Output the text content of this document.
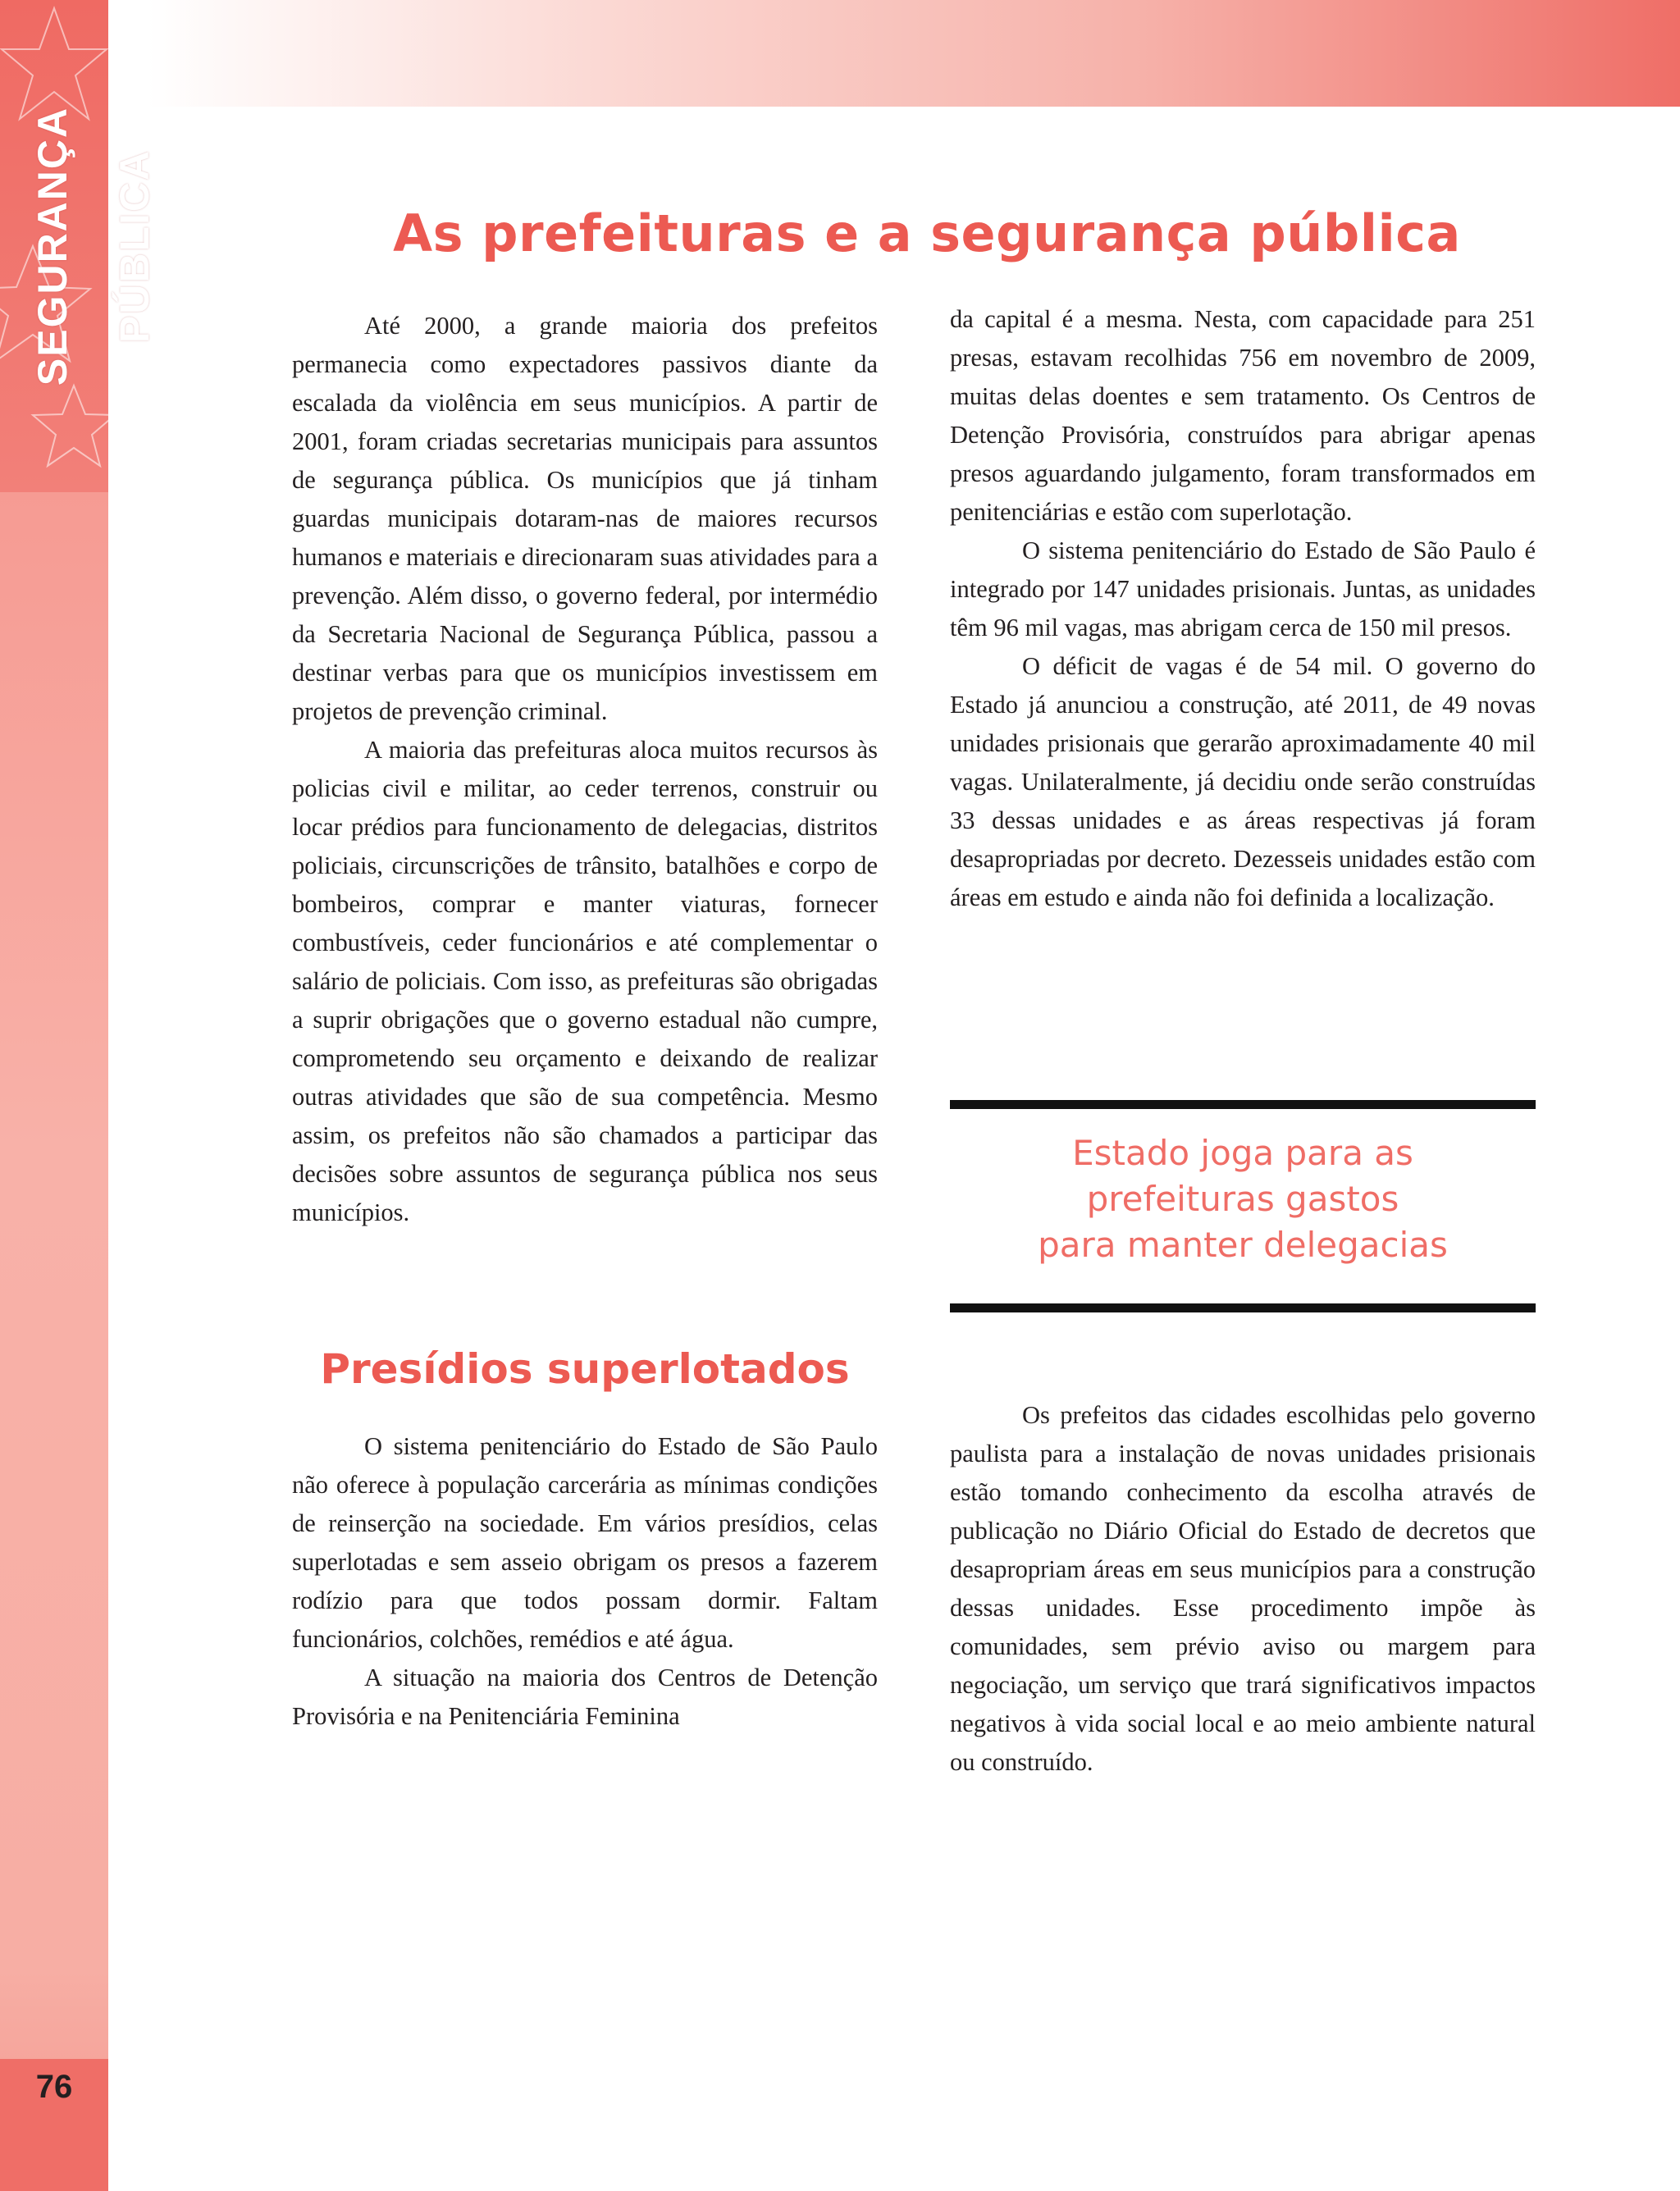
SEGURANÇA PÚBLICA
76
As prefeituras e a segurança pública

Até 2000, a grande maioria dos prefeitos permanecia como expectadores passivos diante da escalada da violência em seus municípios. A partir de 2001, foram criadas secretarias municipais para assuntos de segurança pública. Os municípios que já tinham guardas municipais dotaram-nas de maiores recursos humanos e materiais e direcionaram suas atividades para a prevenção. Além disso, o governo federal, por intermédio da Secretaria Nacional de Segurança Pública, passou a destinar verbas para que os municípios investissem em projetos de prevenção criminal.

A maioria das prefeituras aloca muitos recursos às policias civil e militar, ao ceder terrenos, construir ou locar prédios para funcionamento de delegacias, distritos policiais, circunscrições de trânsito, batalhões e corpo de bombeiros, comprar e manter viaturas, fornecer combustíveis, ceder funcionários e até complementar o salário de policiais. Com isso, as prefeituras são obrigadas a suprir obrigações que o governo estadual não cumpre, comprometendo seu orçamento e deixando de realizar outras atividades que são de sua competência. Mesmo assim, os prefeitos não são chamados a participar das decisões sobre assuntos de segurança pública nos seus municípios.

Presídios superlotados

O sistema penitenciário do Estado de São Paulo não oferece à população carcerária as mínimas condições de reinserção na sociedade. Em vários presídios, celas superlotadas e sem asseio obrigam os presos a fazerem rodízio para que todos possam dormir. Faltam funcionários, colchões, remédios e até água.

A situação na maioria dos Centros de Detenção Provisória e na Penitenciária Feminina

da capital é a mesma. Nesta, com capacidade para 251 presas, estavam recolhidas 756 em novembro de 2009, muitas delas doentes e sem tratamento. Os Centros de Detenção Provisória, construídos para abrigar apenas presos aguardando julgamento, foram transformados em penitenciárias e estão com superlotação.

O sistema penitenciário do Estado de São Paulo é integrado por 147 unidades prisionais. Juntas, as unidades têm 96 mil vagas, mas abrigam cerca de 150 mil presos.

O déficit de vagas é de 54 mil. O governo do Estado já anunciou a construção, até 2011, de 49 novas unidades prisionais que gerarão aproximadamente 40 mil vagas. Unilateralmente, já decidiu onde serão construídas 33 dessas unidades e as áreas respectivas já foram desapropriadas por decreto. Dezesseis unidades estão com áreas em estudo e ainda não foi definida a localização.

Estado joga para as
prefeituras gastos
para manter delegacias

Os prefeitos das cidades escolhidas pelo governo paulista para a instalação de novas unidades prisionais estão tomando conhecimento da escolha através de publicação no Diário Oficial do Estado de decretos que desapropriam áreas em seus municípios para a construção dessas unidades. Esse procedimento impõe às comunidades, sem prévio aviso ou margem para negociação, um serviço que trará significativos impactos negativos à vida social local e ao meio ambiente natural ou construído.
